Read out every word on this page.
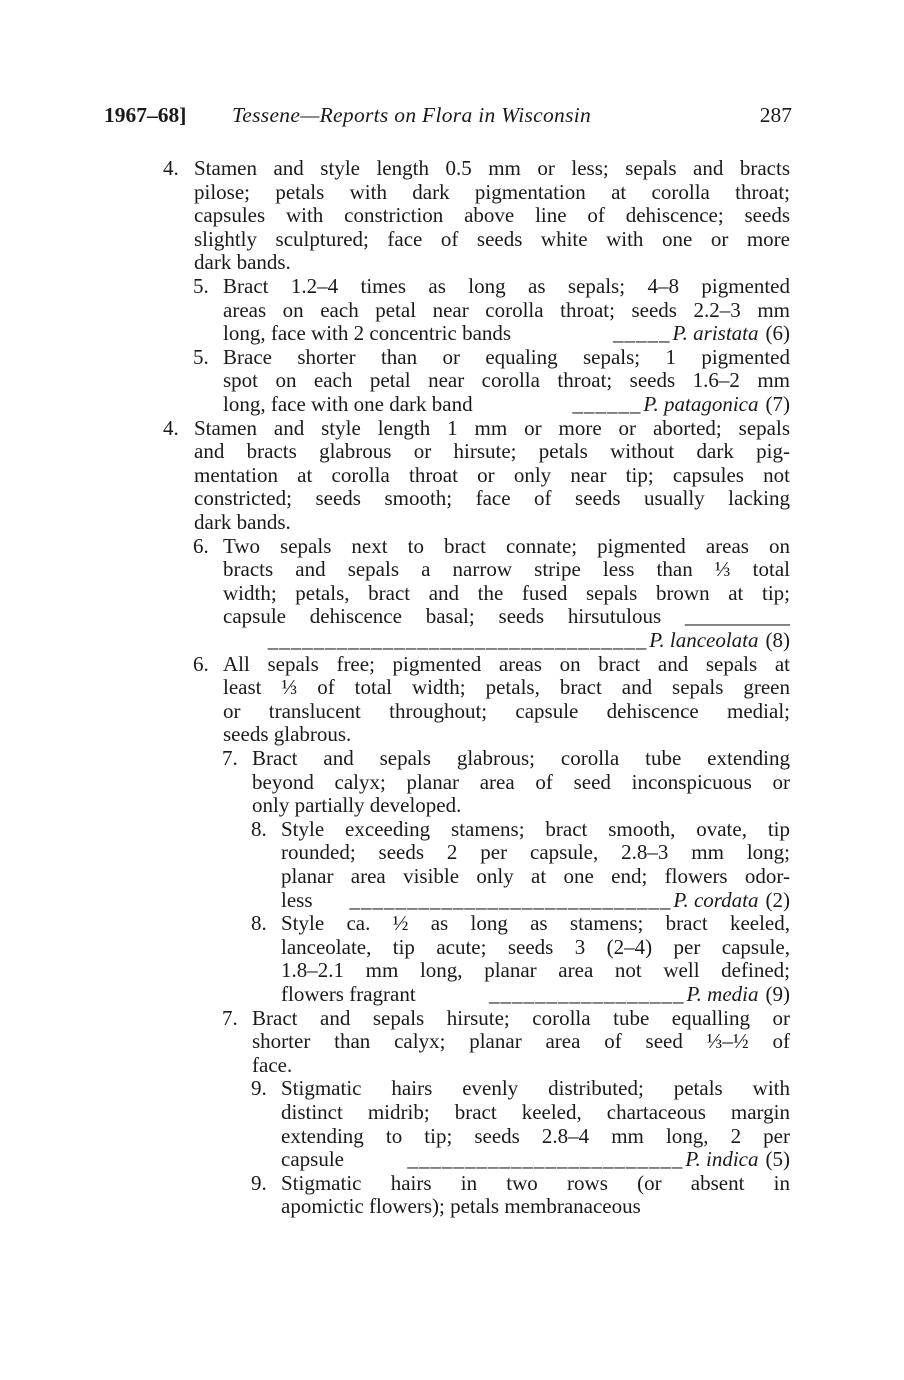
1967–68] Tessene—Reports on Flora in Wisconsin	287
4. Stamen and style length 0.5 mm or less; sepals and bracts
pilose; petals with dark pigmentation at corolla throat;
capsules with constriction above line of dehiscence; seeds
slightly sculptured; face of seeds white with one or more
dark bands.
5. Bract 1.2–4 times as long as sepals; 4–8 pigmented
areas on each petal near corolla throat; seeds 2.2–3 mm
long, face with 2 concentric bands	_____ P. aristata (6)
5. Brace shorter than or equaling sepals; 1 pigmented
spot on each petal near corolla throat; seeds 1.6–2 mm
long, face with one dark band	______ P. patagonica (7)
4. Stamen and style length 1 mm or more or aborted; sepals
and bracts glabrous or hirsute; petals without dark pig-
mentation at corolla throat or only near tip; capsules not
constricted; seeds smooth; face of seeds usually lacking
dark bands.
6. Two sepals next to bract connate; pigmented areas on
bracts and sepals a narrow stripe less than ⅓ total
width; petals, bract and the fused sepals brown at tip;
capsule dehiscence basal; seeds hirsutulous __________
_________________________________ P. lanceolata (8)
6. All sepals free; pigmented areas on bract and sepals at
least ⅓ of total width; petals, bract and sepals green
or translucent throughout; capsule dehiscence medial;
seeds glabrous.
7. Bract and sepals glabrous; corolla tube extending
beyond calyx; planar area of seed inconspicuous or
only partially developed.
8. Style exceeding stamens; bract smooth, ovate, tip
rounded; seeds 2 per capsule, 2.8–3 mm long;
planar area visible only at one end; flowers odor-
less	____________________________ P. cordata (2)
8. Style ca. ½ as long as stamens; bract keeled,
lanceolate, tip acute; seeds 3 (2–4) per capsule,
1.8–2.1 mm long, planar area not well defined;
flowers fragrant	_________________ P. media (9)
7. Bract and sepals hirsute; corolla tube equalling or
shorter than calyx; planar area of seed ⅓–½ of
face.
9. Stigmatic hairs evenly distributed; petals with
distinct midrib; bract keeled, chartaceous margin
extending to tip; seeds 2.8–4 mm long, 2 per
capsule	________________________ P. indica (5)
9. Stigmatic hairs in two rows (or absent in
apomictic flowers); petals membranaceous
